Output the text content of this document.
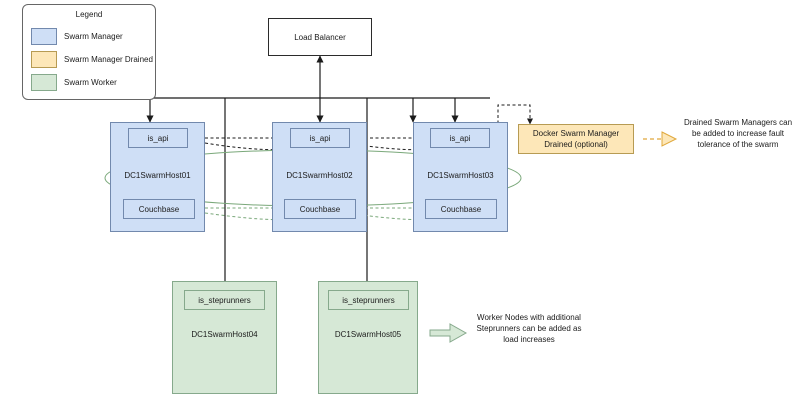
Legend
Swarm Manager
Swarm Manager Drained
Swarm Worker
Load Balancer
DC1SwarmHost01
is_api
Couchbase
DC1SwarmHost02
is_api
Couchbase
DC1SwarmHost03
is_api
Couchbase
Docker Swarm Manager Drained (optional)
Drained Swarm Managers can be added to increase fault tolerance of the swarm
DC1SwarmHost04
is_steprunners
DC1SwarmHost05
is_steprunners
Worker Nodes with additional Steprunners can be added as load increases
